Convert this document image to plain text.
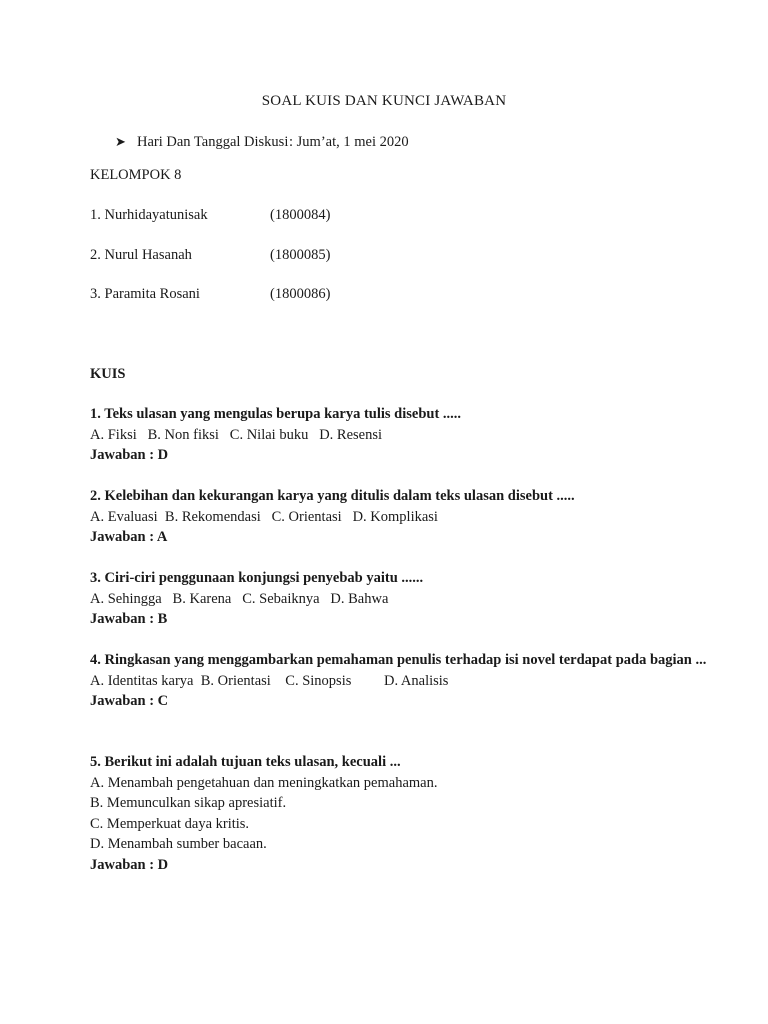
SOAL KUIS DAN KUNCI JAWABAN
➤ Hari Dan Tanggal Diskusi: Jum’at, 1 mei 2020
KELOMPOK 8
1. Nurhidayatunisak	(1800084)
2. Nurul Hasanah	(1800085)
3. Paramita Rosani	(1800086)
KUIS
1. Teks ulasan yang mengulas berupa karya tulis disebut .....
A. Fiksi   B. Non fiksi   C. Nilai buku   D. Resensi
Jawaban : D
2. Kelebihan dan kekurangan karya yang ditulis dalam teks ulasan disebut .....
A. Evaluasi  B. Rekomendasi   C. Orientasi   D. Komplikasi
Jawaban : A
3. Ciri-ciri penggunaan konjungsi penyebab yaitu ......
A. Sehingga   B. Karena   C. Sebaiknya   D. Bahwa
Jawaban : B
4. Ringkasan yang menggambarkan pemahaman penulis terhadap isi novel terdapat pada bagian ...
A. Identitas karya  B. Orientasi    C. Sinopsis         D. Analisis
Jawaban : C
5. Berikut ini adalah tujuan teks ulasan, kecuali ...
A. Menambah pengetahuan dan meningkatkan pemahaman.
B. Memunculkan sikap apresiatif.
C. Memperkuat daya kritis.
D. Menambah sumber bacaan.
Jawaban : D
